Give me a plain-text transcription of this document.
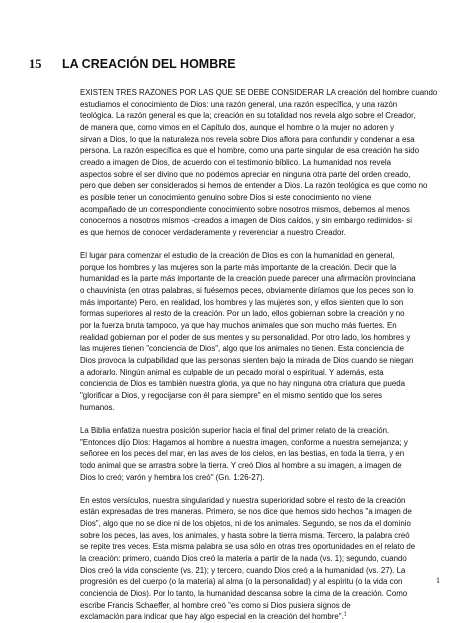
15 LA CREACIÓN DEL HOMBRE

EXISTEN TRES RAZONES POR LAS QUE SE DEBE CONSIDERAR LA creación del hombre cuando
estudiamos el conocimiento de Dios: una razón general, una razón específica, y una razón
teológica. La razón general es que la; creación en su totalidad nos revela algo sobre el Creador,
de manera que, como vimos en el Capítulo dos, aunque el hombre o la mujer no adoren y
sirvan a Dios, lo que la naturaleza nos revela sobre Dios aflora para confundir y condenar a esa
persona. La razón específica es que el hombre, como una parte singular de esa creación ha sido
creado a imagen de Dios, de acuerdo con el testimonio bíblico. La humanidad nos revela
aspectos sobre el ser divino que no podemos apreciar en ninguna otra parte del orden creado,
pero que deben ser considerados si hemos de entender a Dios. La razón teológica es que como no
es posible tener un conocimiento genuino sobre Dios si este conocimiento no viene
acompañado de un correspondiente conocimiento sobre nosotros mismos, debemos al menos
conocernos a nosotros mismos -creados a imagen de Dios caídos, y sin embargo redimidos- si
es que hemos de conocer verdaderamente y reverenciar a nuestro Creador.

El lugar para comenzar el estudio de la creación de Dios es con la humanidad en general,
porque los hombres y las mujeres son la parte más importante de la creación. Decir que la
humanidad es la parte más importante de la creación puede parecer una afirmación provinciana
o chauvinista (en otras palabras, si fuésemos peces, obviamente diríamos que los peces son lo
más importante) Pero, en realidad, los hombres y las mujeres son, y ellos sienten que lo son
formas superiores al resto de la creación. Por un lado, ellos gobiernan sobre la creación y no
por la fuerza bruta tampoco, ya que hay muchos animales que son mucho más fuertes. En
realidad gobiernan por el poder de sus mentes y su personalidad. Por otro lado, los hombres y
las mujeres tienen "conciencia de Dios", algo que los animales no tienen. Esta conciencia de
Dios provoca la culpabilidad que las personas sienten bajo la mirada de Dios cuando se niegan
a adorarlo. Ningún animal es culpable de un pecado moral o espiritual. Y además, esta
conciencia de Dios es también nuestra gloria, ya que no hay ninguna otra criatura que pueda
"glorificar a Dios, y regocijarse con él para siempre" en el mismo sentido que los seres
humanos.

La Biblia enfatiza nuestra posición superior hacia el final del primer relato de la creación.
"Entonces dijo Dios: Hagamos al hombre a nuestra imagen, conforme a nuestra semejanza; y
señoree en los peces del mar, en las aves de los cielos, en las bestias, en toda la tierra, y en
todo animal que se arrastra sobre la tierra. Y creó Dios al hombre a su imagen, a imagen de
Dios lo creó; varón y hembra los creó" (Gn. 1:26-27).

En estos versículos, nuestra singularidad y nuestra superioridad sobre el resto de la creación
están expresadas de tres maneras. Primero, se nos dice que hemos sido hechos "a imagen de
Dios", algo que no se dice ni de los objetos, ni de los animales. Segundo, se nos da el dominio
sobre los peces, las aves, los animales, y hasta sobre la tierra misma. Tercero, la palabra creó
se repite tres veces. Esta misma palabra se usa sólo en otras tres oportunidades en el relato de
la creación: primero, cuando Dios creó la materia a partir de la nada (vs. 1); segundo, cuando
Dios creó la vida consciente (vs. 21); y tercero, cuando Dios creó a la humanidad (vs. 27). La
progresión es del cuerpo (o la materia) al alma (o la personalidad) y al espíritu (o la vida con
conciencia de Dios). Por lo tanto, la humanidad descansa sobre la cima de la creación. Como
escribe Francis Schaeffer, al hombre creó "es como si Dios pusiera signos de
exclamación para indicar que hay algo especial en la creación del hombre".$^1$

1
